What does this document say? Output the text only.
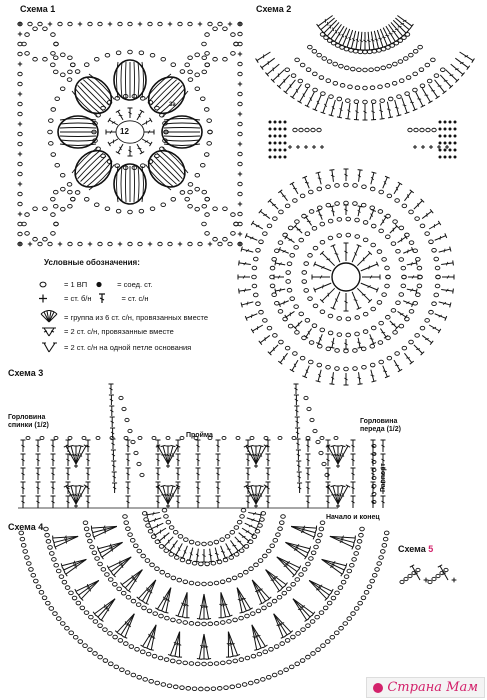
Схема 1	Схема 2
Схема 3
Схема 4
Схема 5
12
3а
Условные обозначения:
= 1 ВП	= соед. ст.
= ст. б/н	= ст. с/н
= группа из 6 ст. с/н, провязанных вместе
= 2 ст. с/н, провязанные вместе
= 2 ст. с/н на одной петле основания
Горловина
спинки (1/2)
Пройма
Горловина
переда (1/2)
Раппорт
Начало и конец
Страна Мам
